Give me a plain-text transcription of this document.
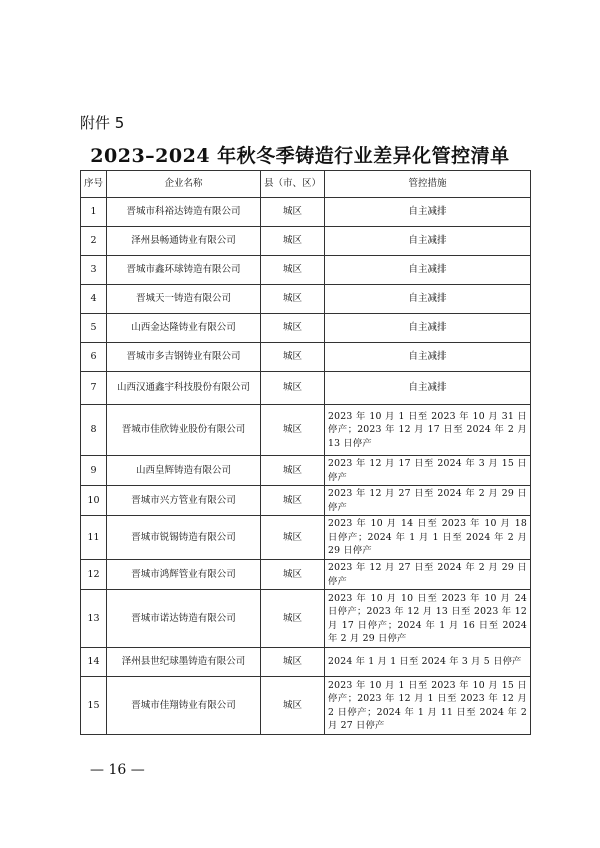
附件 5
2023–2024 年秋冬季铸造行业差异化管控清单
序号	企业名称	县（市、区）	管控措施
1	晋城市科裕达铸造有限公司	城区	自主减排
2	泽州县畅通铸业有限公司	城区	自主减排
3	晋城市鑫环球铸造有限公司	城区	自主减排
4	晋城天一铸造有限公司	城区	自主减排
5	山西金达隆铸业有限公司	城区	自主减排
6	晋城市多吉钢铸业有限公司	城区	自主减排
7	山西汉通鑫宇科技股份有限公司	城区	自主减排
8	晋城市佳欣铸业股份有限公司	城区	2023 年 10 月 1 日至 2023 年 10 月 31 日停产；2023 年 12 月 17 日至 2024 年 2 月 13 日停产
9	山西皇辉铸造有限公司	城区	2023 年 12 月 17 日至 2024 年 3 月 15 日停产
10	晋城市兴方管业有限公司	城区	2023 年 12 月 27 日至 2024 年 2 月 29 日停产
11	晋城市锐锡铸造有限公司	城区	2023 年 10 月 14 日至 2023 年 10 月 18 日停产；2024 年 1 月 1 日至 2024 年 2 月 29 日停产
12	晋城市鸿辉管业有限公司	城区	2023 年 12 月 27 日至 2024 年 2 月 29 日停产
13	晋城市诺达铸造有限公司	城区	2023 年 10 月 10 日至 2023 年 10 月 24 日停产；2023 年 12 月 13 日至 2023 年 12 月 17 日停产；2024 年 1 月 16 日至 2024 年 2 月 29 日停产
14	泽州县世纪球墨铸造有限公司	城区	2024 年 1 月 1 日至 2024 年 3 月 5 日停产
15	晋城市佳翔铸业有限公司	城区	2023 年 10 月 1 日至 2023 年 10 月 15 日停产；2023 年 12 月 1 日至 2023 年 12 月 2 日停产；2024 年 1 月 11 日至 2024 年 2 月 27 日停产
— 16 —
